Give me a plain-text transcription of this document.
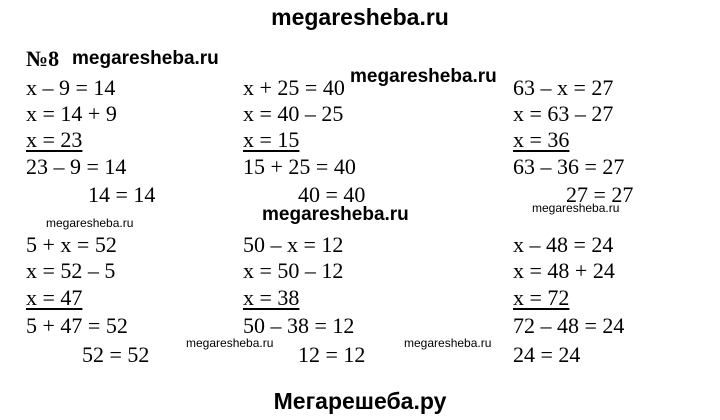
megaresheba.ru
megaresheba.ru
megaresheba.ru
megaresheba.ru
megaresheba.ru
megaresheba.ru
megaresheba.ru	megaresheba.ru
Мегарешеба.ру
№8
x – 9 = 14
x = 14 + 9
x = 23
23 – 9 = 14
14 = 14
x + 25 = 40
x = 40 – 25
x = 15
15 + 25 = 40
40 = 40
63 – x = 27
x = 63 – 27
x = 36
63 – 36 = 27
27 = 27
5 + x = 52
x = 52 – 5
x = 47
5 + 47 = 52
52 = 52
50 – x = 12
x = 50 – 12
x = 38
50 – 38 = 12
12 = 12
x – 48 = 24
x = 48 + 24
x = 72
72 – 48 = 24
24 = 24
